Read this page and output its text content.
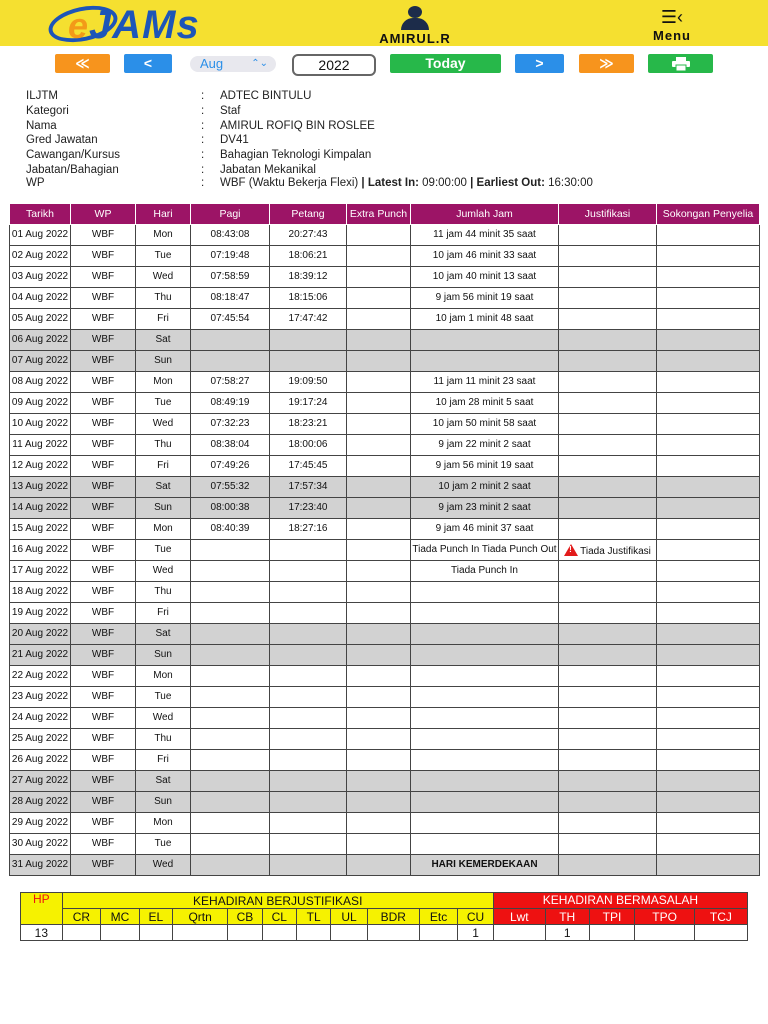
eJAMs	AMIRUL.R
☰‹
Menu
≪	<	Aug	⌃⌄	2022	Today	>	≫
ILJTM	: ADTEC BINTULU
Kategori	: Staf
Nama	: AMIRUL ROFIQ BIN ROSLEE
Gred Jawatan	: DV41
Cawangan/Kursus	: Bahagian Teknologi Kimpalan
Jabatan/Bahagian	: Jabatan Mekanikal
WP	: WBF (Waktu Bekerja Flexi) | Latest In: 09:00:00 | Earliest Out: 16:30:00
Tarikh	WP	Hari	Pagi	Petang	Extra Punch	Jumlah Jam	Justifikasi	Sokongan Penyelia
01 Aug 2022	WBF	Mon	08:43:08	20:27:43		11 jam 44 minit 35 saat		
02 Aug 2022	WBF	Tue	07:19:48	18:06:21		10 jam 46 minit 33 saat		
03 Aug 2022	WBF	Wed	07:58:59	18:39:12		10 jam 40 minit 13 saat		
04 Aug 2022	WBF	Thu	08:18:47	18:15:06		9 jam 56 minit 19 saat		
05 Aug 2022	WBF	Fri	07:45:54	17:47:42		10 jam 1 minit 48 saat		
06 Aug 2022	WBF	Sat						
07 Aug 2022	WBF	Sun						
08 Aug 2022	WBF	Mon	07:58:27	19:09:50		11 jam 11 minit 23 saat		
09 Aug 2022	WBF	Tue	08:49:19	19:17:24		10 jam 28 minit 5 saat		
10 Aug 2022	WBF	Wed	07:32:23	18:23:21		10 jam 50 minit 58 saat		
11 Aug 2022	WBF	Thu	08:38:04	18:00:06		9 jam 22 minit 2 saat		
12 Aug 2022	WBF	Fri	07:49:26	17:45:45		9 jam 56 minit 19 saat		
13 Aug 2022	WBF	Sat	07:55:32	17:57:34		10 jam 2 minit 2 saat		
14 Aug 2022	WBF	Sun	08:00:38	17:23:40		9 jam 23 minit 2 saat		
15 Aug 2022	WBF	Mon	08:40:39	18:27:16		9 jam 46 minit 37 saat		
16 Aug 2022	WBF	Tue				Tiada Punch In Tiada Punch Out	!Tiada Justifikasi	
17 Aug 2022	WBF	Wed				Tiada Punch In		
18 Aug 2022	WBF	Thu						
19 Aug 2022	WBF	Fri						
20 Aug 2022	WBF	Sat						
21 Aug 2022	WBF	Sun						
22 Aug 2022	WBF	Mon						
23 Aug 2022	WBF	Tue						
24 Aug 2022	WBF	Wed						
25 Aug 2022	WBF	Thu						
26 Aug 2022	WBF	Fri						
27 Aug 2022	WBF	Sat						
28 Aug 2022	WBF	Sun						
29 Aug 2022	WBF	Mon						
30 Aug 2022	WBF	Tue						
31 Aug 2022	WBF	Wed				HARI KEMERDEKAAN		
HP	KEHADIRAN BERJUSTIFIKASI											KEHADIRAN BERMASALAH				
	CR	MC	EL	Qrtn	CB	CL	TL	UL	BDR	Etc	CU	Lwt	TH	TPI	TPO	TCJ
13											1		1			
